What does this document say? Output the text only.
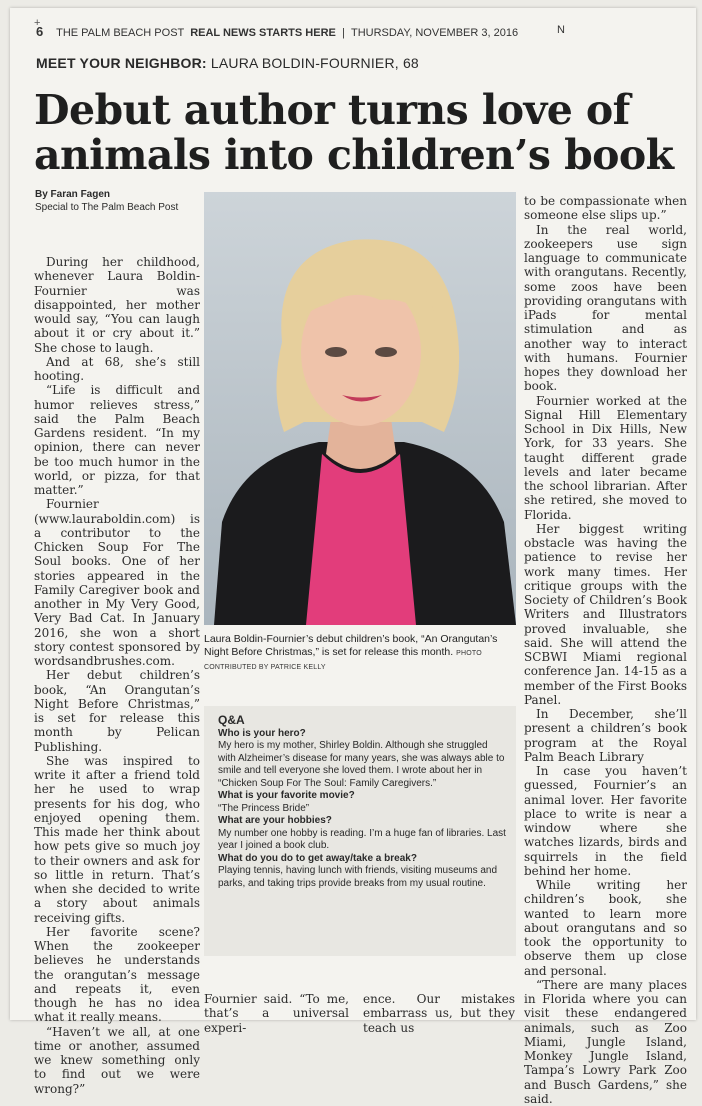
+
6 THE PALM BEACH POST REAL NEWS STARTS HERE | THURSDAY, NOVEMBER 3, 2016	N
MEET YOUR NEIGHBOR: LAURA BOLDIN-FOURNIER, 68
Debut author turns love of animals into children’s book
By Faran Fagen
Special to The Palm Beach Post

During her childhood, whenever Laura Boldin-Fournier was disappointed, her mother would say, “You can laugh about it or cry about it.” She chose to laugh.

And at 68, she’s still hooting.

“Life is difficult and humor relieves stress,” said the Palm Beach Gardens resident. “In my opinion, there can never be too much humor in the world, or pizza, for that matter.”

Fournier (www.lauraboldin.com) is a contributor to the Chicken Soup For The Soul books. One of her stories appeared in the Family Caregiver book and another in My Very Good, Very Bad Cat. In January 2016, she won a short story contest sponsored by wordsandbrushes.com.

Her debut children’s book, “An Orangutan’s Night Before Christmas,” is set for release this month by Pelican Publishing.

She was inspired to write it after a friend told her he used to wrap presents for his dog, who enjoyed opening them. This made her think about how pets give so much joy to their owners and ask for so little in return. That’s when she decided to write a story about animals receiving gifts.

Her favorite scene? When the zookeeper believes he understands the orangutan’s message and repeats it, even though he has no idea what it really means.

“Haven’t we all, at one time or another, assumed we knew something only to find out we were wrong?”

Laura Boldin-Fournier’s debut children’s book, “An Orangutan’s Night Before Christmas,” is set for release this month. PHOTO CONTRIBUTED BY PATRICE KELLY
Q&A
Who is your hero?
My hero is my mother, Shirley Boldin. Although she struggled with Alzheimer’s disease for many years, she was always able to smile and tell everyone she loved them. I wrote about her in “Chicken Soup For The Soul: Family Caregivers.”
What is your favorite movie?
“The Princess Bride”
What are your hobbies?
My number one hobby is reading. I’m a huge fan of libraries. Last year I joined a book club.
What do you do to get away/take a break?
Playing tennis, having lunch with friends, visiting museums and parks, and taking trips provide breaks from my usual routine.

Fournier said. “To me, that’s a universal experi-

ence. Our mistakes embarrass us, but they teach us

to be compassionate when someone else slips up.”

In the real world, zookeepers use sign language to communicate with orangutans. Recently, some zoos have been providing orangutans with iPads for mental stimulation and as another way to interact with humans. Fournier hopes they download her book.

Fournier worked at the Signal Hill Elementary School in Dix Hills, New York, for 33 years. She taught different grade levels and later became the school librarian. After she retired, she moved to Florida.

Her biggest writing obstacle was having the patience to revise her work many times. Her critique groups with the Society of Children’s Book Writers and Illustrators proved invaluable, she said. She will attend the SCBWI Miami regional conference Jan. 14-15 as a member of the First Books Panel.

In December, she’ll present a children’s book program at the Royal Palm Beach Library

In case you haven’t guessed, Fournier’s an animal lover. Her favorite place to write is near a window where she watches lizards, birds and squirrels in the field behind her home.

While writing her children’s book, she wanted to learn more about orangutans and so took the opportunity to observe them up close and personal.

“There are many places in Florida where you can visit these endangered animals, such as Zoo Miami, Jungle Island, Monkey Jungle Island, Tampa’s Lowry Park Zoo and Busch Gardens,” she said.
